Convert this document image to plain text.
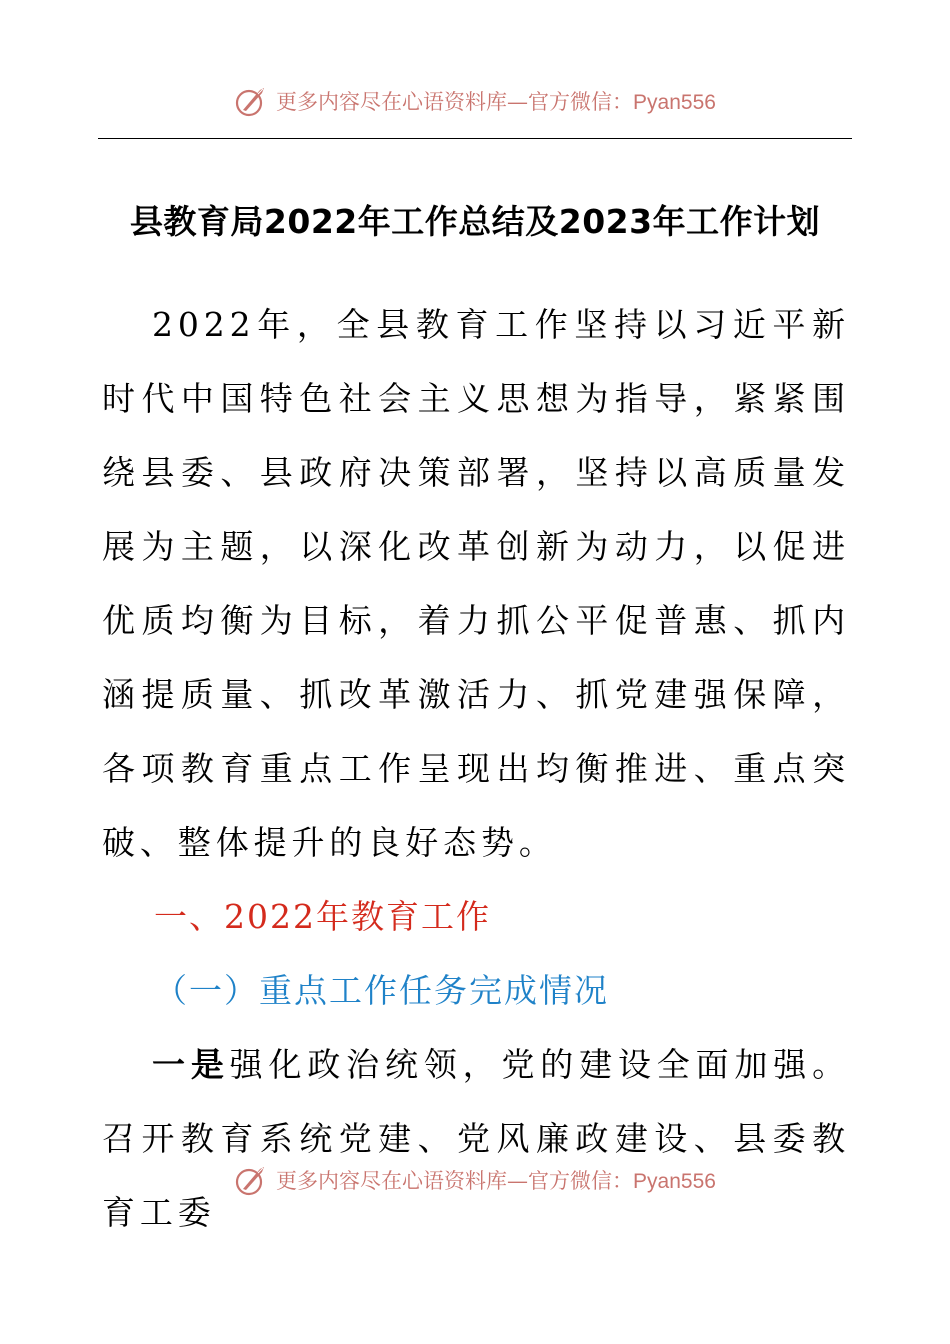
更多内容尽在心语资料库—官方微信：Pyan556
县教育局2022年工作总结及2023年工作计划

2022年，全县教育工作坚持以习近平新时代中国特色社会主义思想为指导，紧紧围绕县委、县政府决策部署，坚持以高质量发展为主题，以深化改革创新为动力，以促进优质均衡为目标，着力抓公平促普惠、抓内涵提质量、抓改革激活力、抓党建强保障，各项教育重点工作呈现出均衡推进、重点突破、整体提升的良好态势。

一、2022年教育工作

（一）重点工作任务完成情况

一是强化政治统领，党的建设全面加强。召开教育系统党建、党风廉政建设、县委教育工委

更多内容尽在心语资料库—官方微信：Pyan556
